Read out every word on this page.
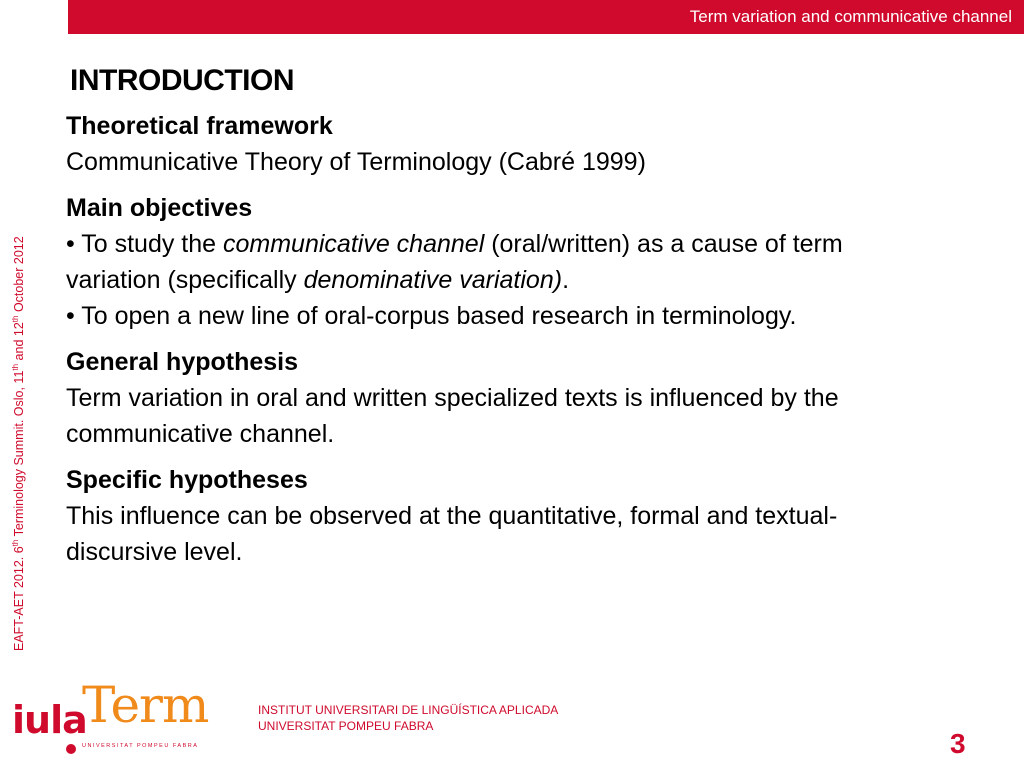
Term variation and communicative channel
INTRODUCTION

Theoretical framework

Communicative Theory of Terminology (Cabré 1999)

Main objectives

• To study the communicative channel (oral/written) as a cause of term variation (specifically denominative variation).

• To open a new line of oral-corpus based research in terminology.

General hypothesis

Term variation in oral and written specialized texts is influenced by the communicative channel.

Specific hypotheses

This influence can be observed at the quantitative, formal and textual-discursive level.

EAFT-AET 2012. 6th Terminology Summit. Oslo, 11th and 12th October 2012
iula
Term
UNIVERSITAT POMPEU FABRA
INSTITUT UNIVERSITARI DE LINGÜÍSTICA APLICADA
UNIVERSITAT POMPEU FABRA
3
